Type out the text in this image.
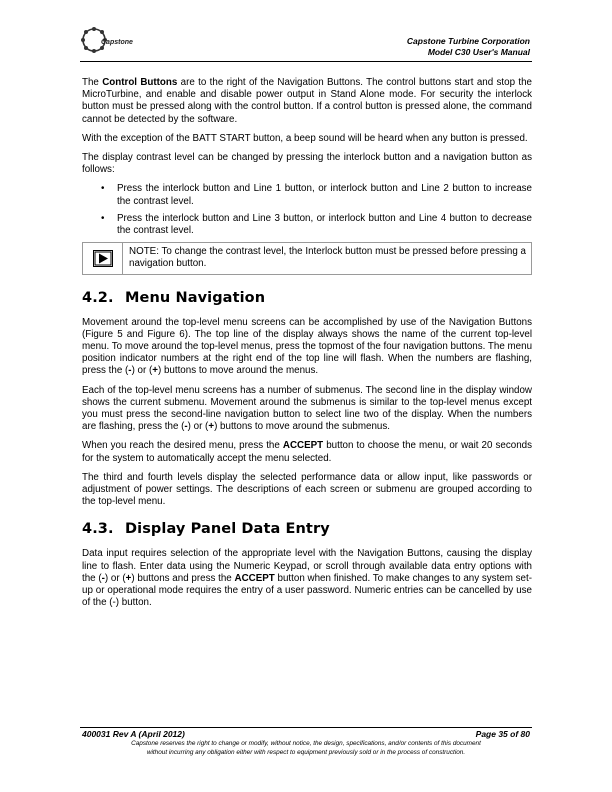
Capstone	Capstone Turbine Corporation
Model C30 User's Manual

The Control Buttons are to the right of the Navigation Buttons. The control buttons start and stop the MicroTurbine, and enable and disable power output in Stand Alone mode. For security the interlock button must be pressed along with the control button. If a control button is pressed alone, the command cannot be detected by the software.

With the exception of the BATT START button, a beep sound will be heard when any button is pressed.

The display contrast level can be changed by pressing the interlock button and a navigation button as follows:

• Press the interlock button and Line 1 button, or interlock button and Line 2 button to increase the contrast level.
• Press the interlock button and Line 3 button, or interlock button and Line 4 button to decrease the contrast level.
NOTE: To change the contrast level, the Interlock button must be pressed before pressing a navigation button.
4.2. Menu Navigation

Movement around the top-level menu screens can be accomplished by use of the Navigation Buttons (Figure 5 and Figure 6). The top line of the display always shows the name of the current top-level menu. To move around the top-level menus, press the topmost of the four navigation buttons. The menu position indicator numbers at the right end of the top line will flash. When the numbers are flashing, press the (-) or (+) buttons to move around the menus.

Each of the top-level menu screens has a number of submenus. The second line in the display window shows the current submenu. Movement around the submenus is similar to the top-level menus except you must press the second-line navigation button to select line two of the display. When the numbers are flashing, press the (-) or (+) buttons to move around the submenus.

When you reach the desired menu, press the ACCEPT button to choose the menu, or wait 20 seconds for the system to automatically accept the menu selected.

The third and fourth levels display the selected performance data or allow input, like passwords or adjustment of power settings. The descriptions of each screen or submenu are grouped according to the top-level menu.

4.3. Display Panel Data Entry

Data input requires selection of the appropriate level with the Navigation Buttons, causing the display line to flash. Enter data using the Numeric Keypad, or scroll through available data entry options with the (-) or (+) buttons and press the ACCEPT button when finished. To make changes to any system set-up or operational mode requires the entry of a user password. Numeric entries can be cancelled by use of the (-) button.

400031 Rev A (April 2012)	Page 35 of 80
Capstone reserves the right to change or modify, without notice, the design, specifications, and/or contents of this document
without incurring any obligation either with respect to equipment previously sold or in the process of construction.
